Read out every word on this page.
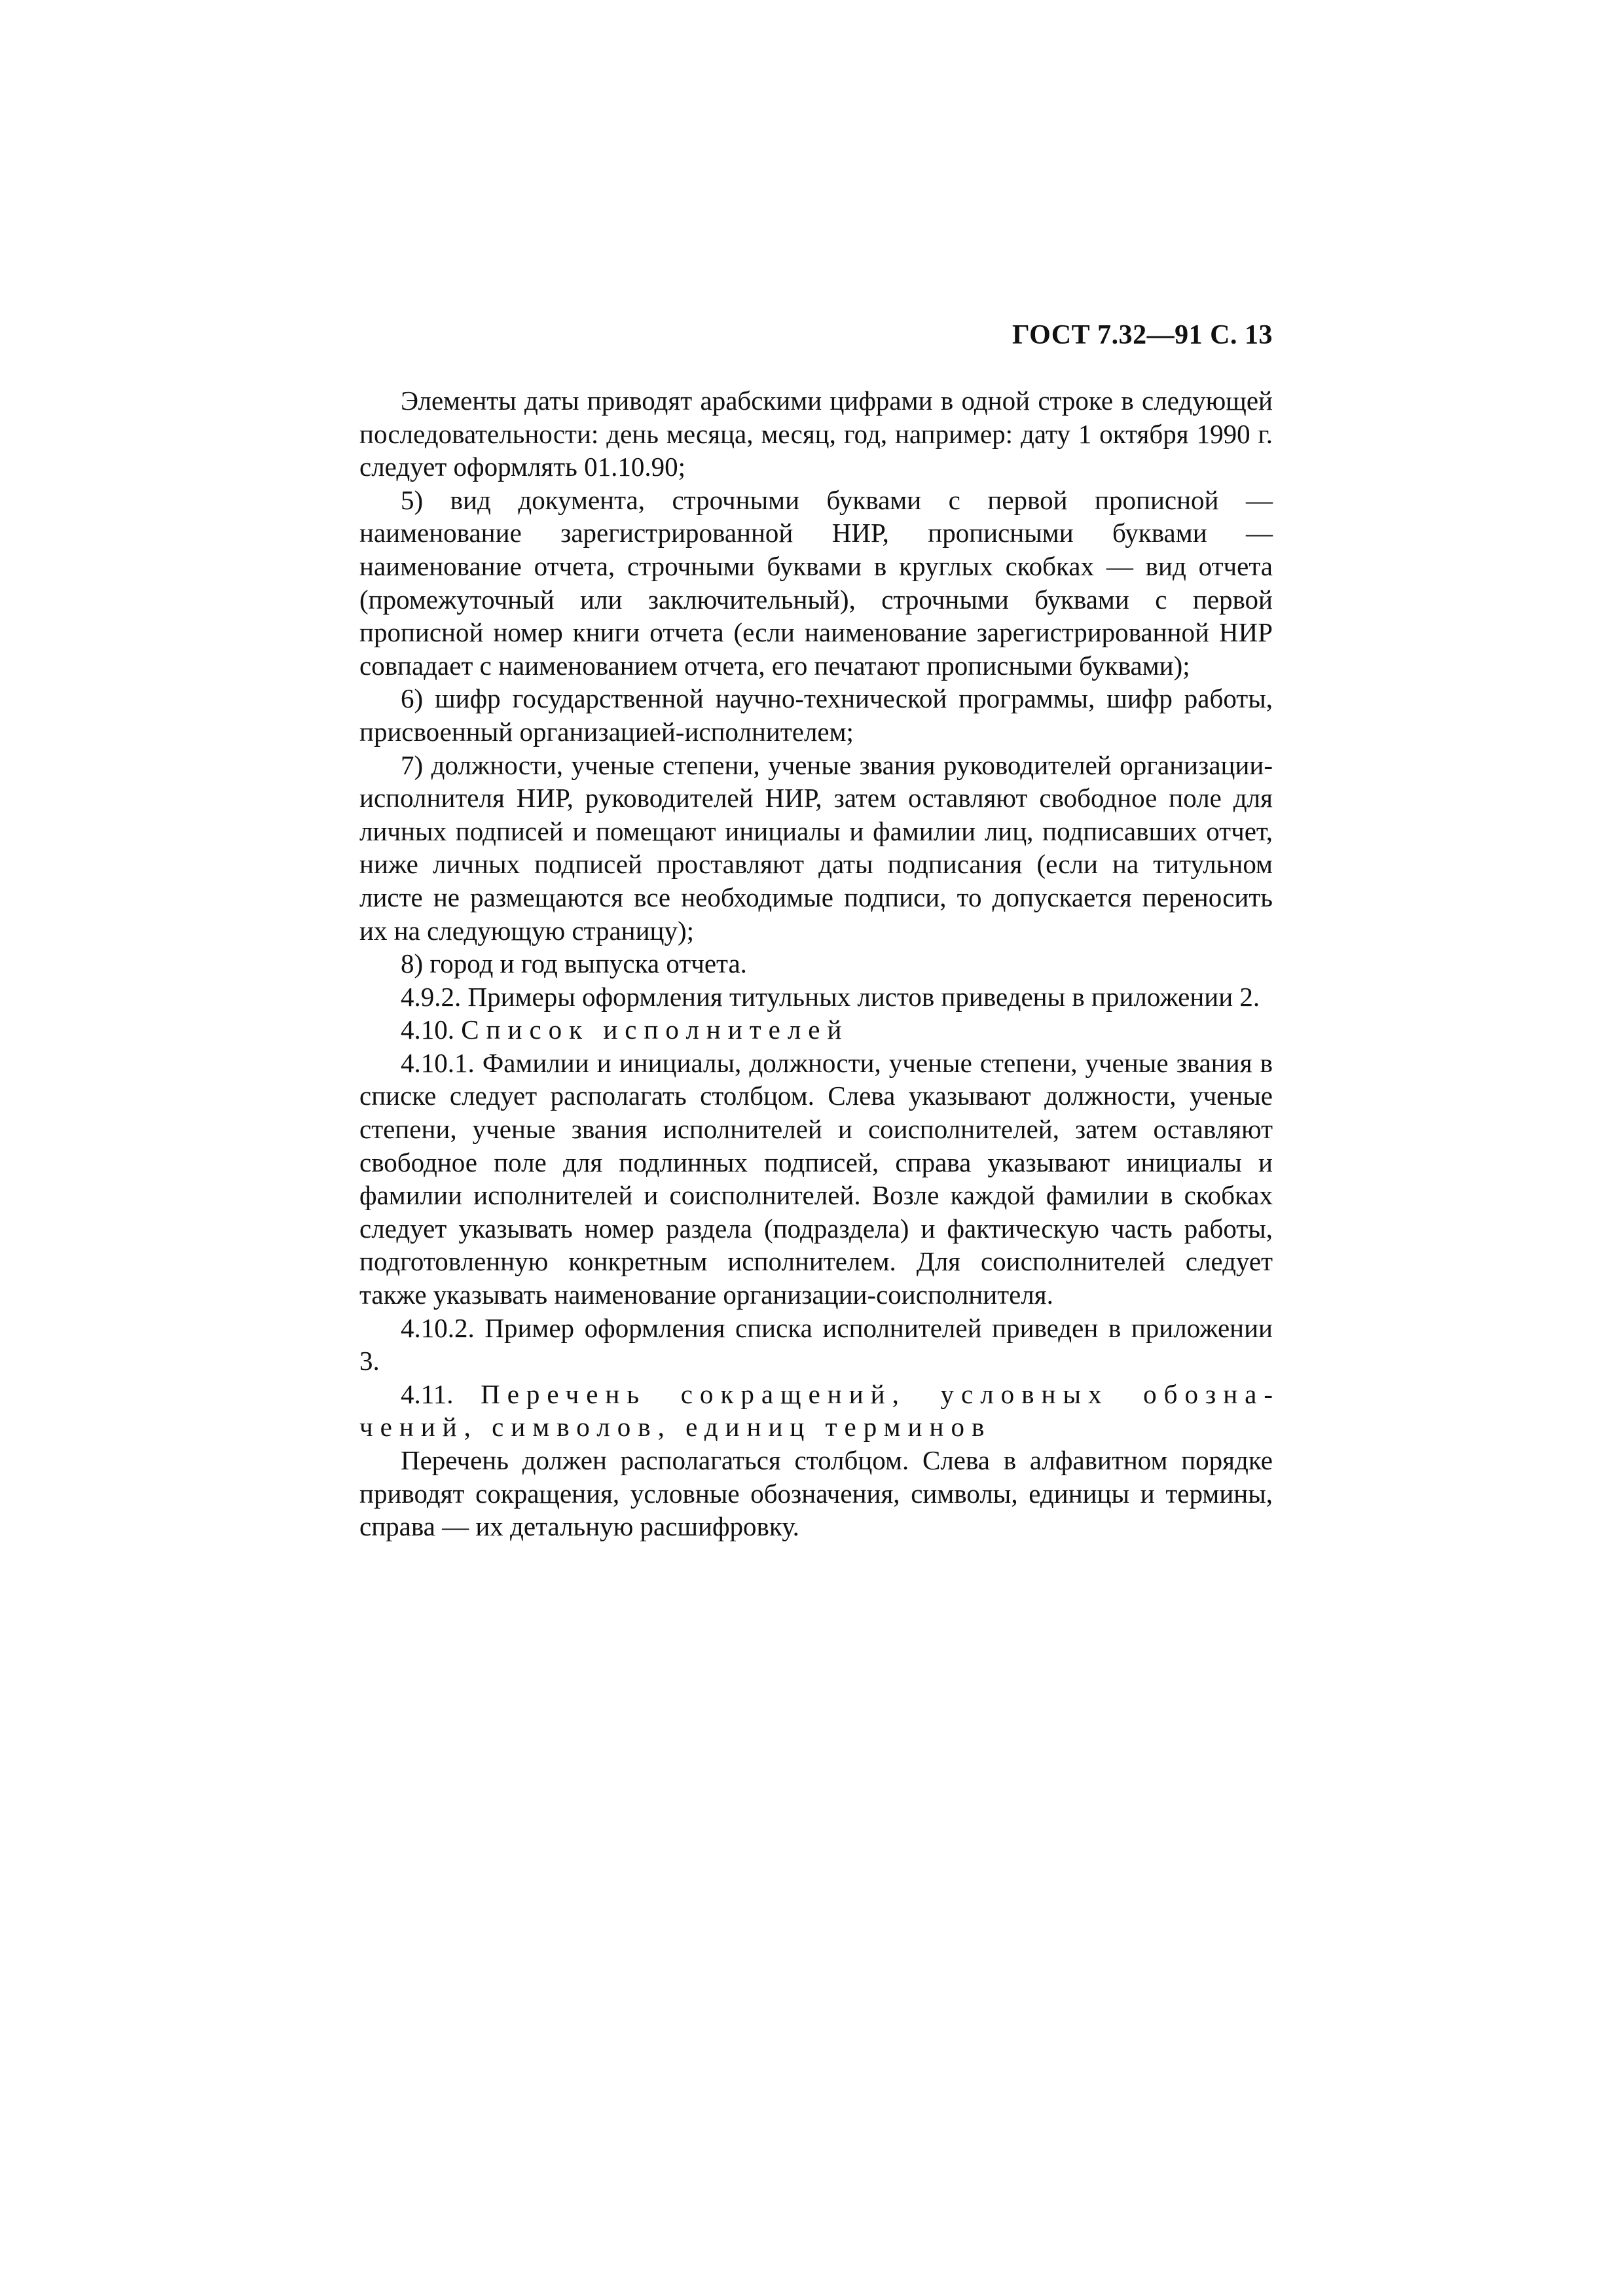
ГОСТ 7.32—91 С. 13

Элементы даты приводят арабскими цифрами в одной строке в следующей последовательности: день месяца, месяц, год, например: дату 1 октября 1990 г. следует оформлять 01.10.90;

5) вид документа, строчными буквами с первой прописной — наименование зарегистрированной НИР, прописными буквами — наименование отчета, строчными буквами в круглых скобках — вид отчета (промежуточный или заключительный), строчными буквами с первой прописной номер книги отчета (если наименование зарегистрированной НИР совпадает с наименованием отчета, его печатают прописными буквами);

6) шифр государственной научно-технической программы, шифр работы, присвоенный организацией-исполнителем;

7) должности, ученые степени, ученые звания руководителей организации-исполнителя НИР, руководителей НИР, затем оставляют свободное поле для личных подписей и помещают инициалы и фамилии лиц, подписавших отчет, ниже личных подписей проставляют даты подписания (если на титульном листе не размещаются все необходимые подписи, то допускается переносить их на следующую страницу);

8) город и год выпуска отчета.

4.9.2. Примеры оформления титульных листов приведены в приложении 2.

4.10. Список исполнителей

4.10.1. Фамилии и инициалы, должности, ученые степени, ученые звания в списке следует располагать столбцом. Слева указывают должности, ученые степени, ученые звания исполнителей и соисполнителей, затем оставляют свободное поле для подлинных подписей, справа указывают инициалы и фамилии исполнителей и соисполнителей. Возле каждой фамилии в скобках следует указывать номер раздела (подраздела) и фактическую часть работы, подготовленную конкретным исполнителем. Для соисполнителей следует также указывать наименование организации-соисполнителя.

4.10.2. Пример оформления списка исполнителей приведен в приложении 3.

4.11. Перечень сокращений, условных обозначений, символов, единиц терминов

Перечень должен располагаться столбцом. Слева в алфавитном порядке приводят сокращения, условные обозначения, символы, единицы и термины, справа — их детальную расшифровку.
